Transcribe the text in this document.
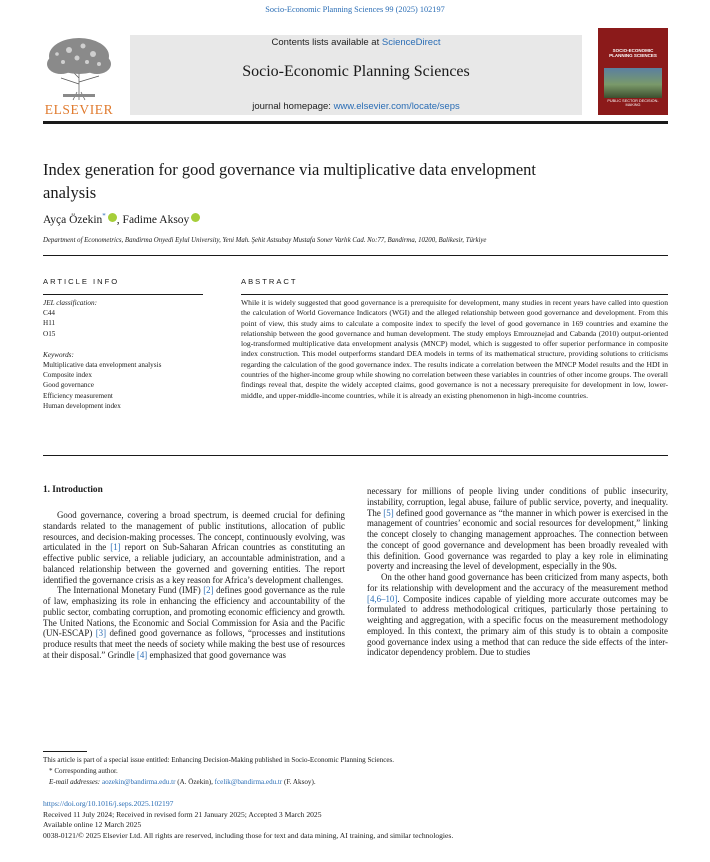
Socio-Economic Planning Sciences 99 (2025) 102197
ELSEVIER
Contents lists available at ScienceDirect
Socio-Economic Planning Sciences
journal homepage: www.elsevier.com/locate/seps
SOCIO-ECONOMIC PLANNING SCIENCES
PUBLIC SECTOR DECISION-MAKING
Index generation for good governance via multiplicative data envelopment analysis
Ayça Özekin* , Fadime Aksoy
Department of Econometrics, Bandirma Onyedi Eylul University, Yeni Mah. Şehit Astsubay Mustafa Soner Varlık Cad. No:77, Bandirma, 10200, Balikesir, Türkiye
ARTICLE INFO	ABSTRACT
JEL classification:
C44
H11
O15
Keywords:
Multiplicative data envelopment analysis
Composite index
Good governance
Efficiency measurement
Human development index
While it is widely suggested that good governance is a prerequisite for development, many studies in recent years have called into question the calculation of World Governance Indicators (WGI) and the alleged relationship between good governance and development. From this point of view, this study aims to calculate a composite index to specify the level of good governance in 169 countries and examine the relationship between the good governance and human development. The study employs Emrouznejad and Cabanda (2010) output-oriented log-transformed multiplicative data envelopment analysis (MNCP) model, which is suggested to offer superior performance in composite index construction. This model outperforms standard DEA models in terms of its mathematical structure, providing solutions to criticisms regarding the calculation of the good governance index. The results indicate a correlation between the MNCP Model results and the HDI in countries of the higher-income group while showing no correlation between these variables in countries of other income groups. The overall findings reveal that, despite the widely accepted claims, good governance is not a necessary prerequisite for development in low, lower-middle, and upper-middle-income countries, while it is already an existing phenomenon in high-income countries.
1. Introduction

Good governance, covering a broad spectrum, is deemed crucial for defining standards related to the management of public institutions, allocation of public resources, and decision-making processes. The concept, continuously evolving, was articulated in the [1] report on Sub-Saharan African countries as constituting an effective public service, a reliable judiciary, an accountable administration, and a balanced relationship between the governed and governing entities. The report identified the governance crisis as a key reason for Africa’s development challenges.

The International Monetary Fund (IMF) [2] defines good governance as the rule of law, emphasizing its role in enhancing the efficiency and accountability of the public sector, combating corruption, and promoting economic efficiency and growth. The United Nations, the Economic and Social Commission for Asia and the Pacific (UN-ESCAP) [3] defined good governance as follows, “processes and institutions produce results that meet the needs of society while making the best use of resources at their disposal.” Grindle [4] emphasized that good governance was

necessary for millions of people living under conditions of public insecurity, instability, corruption, legal abuse, failure of public service, poverty, and inequality. The [5] defined good governance as “the manner in which power is exercised in the management of countries’ economic and social resources for development,” linking the concept closely to changing management approaches. The connection between the concept of good governance and development has been broadly revealed with this definition. Good governance was regarded to play a key role in eliminating poverty and increasing the level of development, especially in the 90s.

On the other hand good governance has been criticized from many aspects, both for its relationship with development and the accuracy of the measurement method [4,6–10]. Composite indices capable of yielding more accurate outcomes may be formulated to address methodological critiques, particularly those pertaining to weighting and aggregation, with a specific focus on the measurement methodology employed. In this context, the primary aim of this study is to obtain a composite good governance index using a method that can reduce the side effects of the inter-indicator dependency problem. Due to studies

This article is part of a special issue entitled: Enhancing Decision-Making published in Socio-Economic Planning Sciences.
* Corresponding author.
E-mail addresses: aozekin@bandirma.edu.tr (A. Özekin), fcelik@bandirma.edu.tr (F. Aksoy).
https://doi.org/10.1016/j.seps.2025.102197
Received 11 July 2024; Received in revised form 21 January 2025; Accepted 3 March 2025
Available online 12 March 2025
0038-0121/© 2025 Elsevier Ltd. All rights are reserved, including those for text and data mining, AI training, and similar technologies.
